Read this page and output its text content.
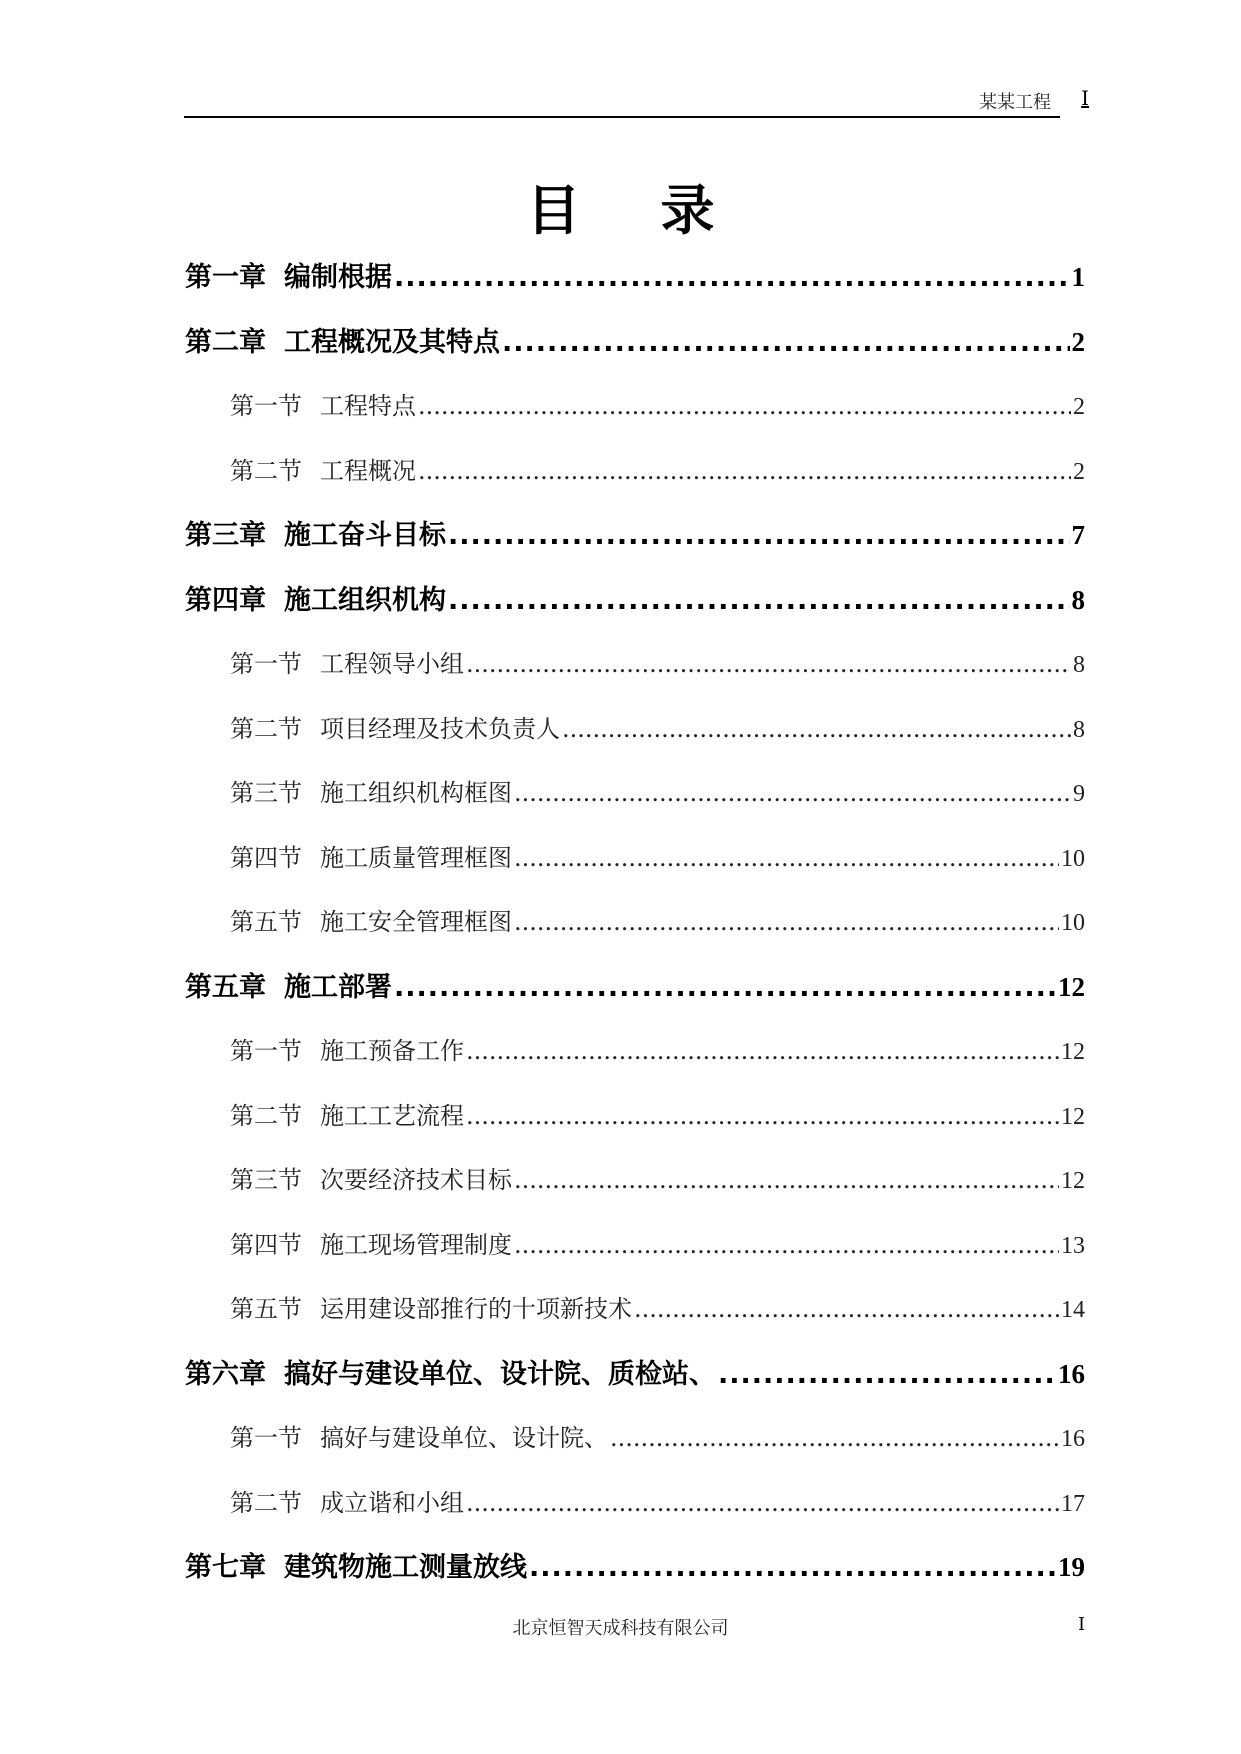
某某工程 I
目录
第一章 编制根据 .....	1
第二章 工程概况及其特点 .....	2
第一节 工程特点 .....	2
第二节 工程概况 .....	2
第三章 施工奋斗目标 .....	7
第四章 施工组织机构 .....	8
第一节 工程领导小组 .....	8
第二节 项目经理及技术负责人 .....	8
第三节 施工组织机构框图 .....	9
第四节 施工质量管理框图 .....	10
第五节 施工安全管理框图 .....	10
第五章 施工部署 .....	12
第一节 施工预备工作 .....	12
第二节 施工工艺流程 .....	12
第三节 次要经济技术目标 .....	12
第四节 施工现场管理制度 .....	13
第五节 运用建设部推行的十项新技术 .....	14
第六章 搞好与建设单位、设计院、质检站、 .....	16
第一节 搞好与建设单位、设计院、 .....	16
第二节 成立谐和小组 .....	17
第七章 建筑物施工测量放线 .....	19
北京恒智天成科技有限公司	I
